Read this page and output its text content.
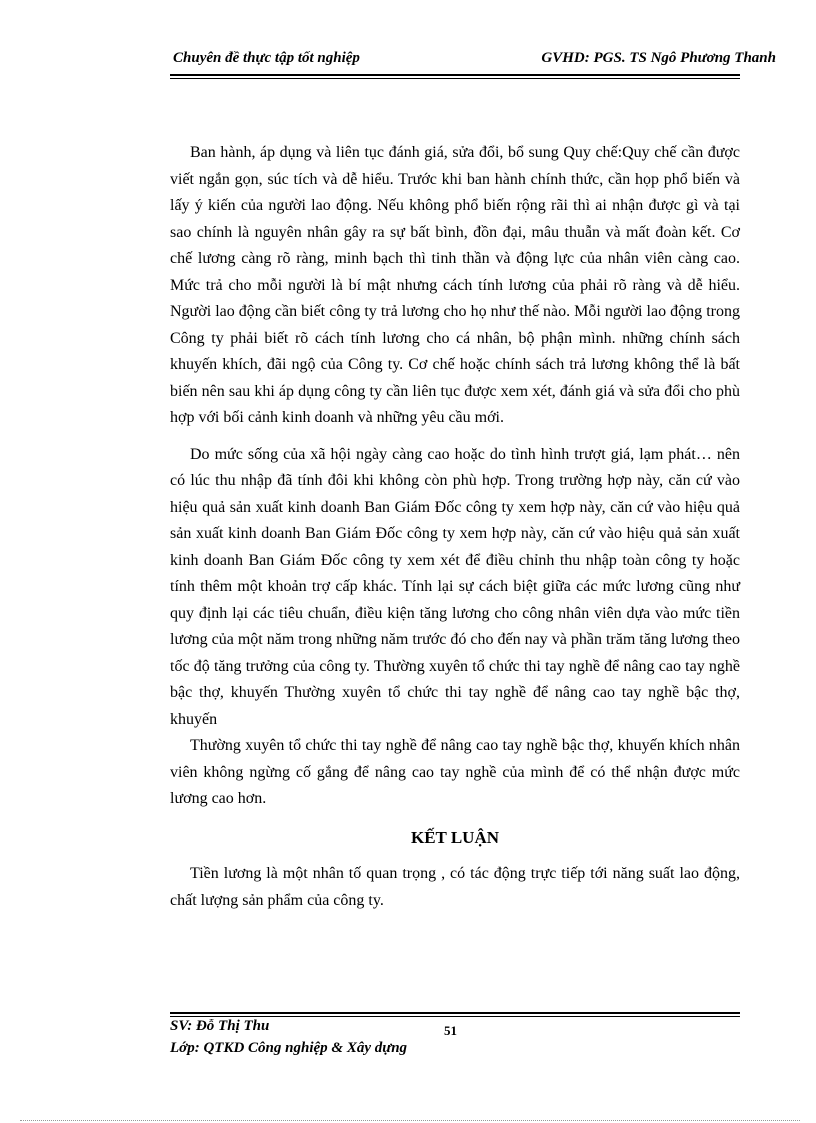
Chuyên đề thực tập tốt nghiệp	GVHD: PGS. TS Ngô Phương Thanh

Ban hành, áp dụng và liên tục đánh giá, sửa đổi, bổ sung Quy chế:Quy chế cần được viết ngắn gọn, súc tích và dễ hiểu. Trước khi ban hành chính thức, cần họp phổ biến và lấy ý kiến của người lao động. Nếu không phổ biến rộng rãi thì ai nhận được gì và tại sao chính là nguyên nhân gây ra sự bất bình, đồn đại, mâu thuẫn và mất đoàn kết. Cơ chế lương càng rõ ràng, minh bạch thì tinh thần và động lực của nhân viên càng cao. Mức trả cho mỗi người là bí mật nhưng cách tính lương của phải rõ ràng và dễ hiểu. Người lao động cần biết công ty trả lương cho họ như thế nào. Mỗi người lao động trong Công ty phải biết rõ cách tính lương cho cá nhân, bộ phận mình. những chính sách khuyến khích, đãi ngộ của Công ty. Cơ chế hoặc chính sách trả lương không thể là bất biến nên sau khi áp dụng công ty cần liên tục được xem xét, đánh giá và sửa đổi cho phù hợp với bối cảnh kinh doanh và những yêu cầu mới.

Do mức sống của xã hội ngày càng cao hoặc do tình hình trượt giá, lạm phát… nên có lúc thu nhập đã tính đôi khi không còn phù hợp. Trong trường hợp này, căn cứ vào hiệu quả sản xuất kinh doanh Ban Giám Đốc công ty xem hợp này, căn cứ vào hiệu quả sản xuất kinh doanh Ban Giám Đốc công ty xem hợp này, căn cứ vào hiệu quả sản xuất kinh doanh Ban Giám Đốc công ty xem xét để điều chỉnh thu nhập toàn công ty hoặc tính thêm một khoản trợ cấp khác. Tính lại sự cách biệt giữa các mức lương cũng như quy định lại các tiêu chuẩn, điều kiện tăng lương cho công nhân viên dựa vào mức tiền lương của một năm trong những năm trước đó cho đến nay và phần trăm tăng lương theo tốc độ tăng trưởng của công ty. Thường xuyên tổ chức thi tay nghề để nâng cao tay nghề bậc thợ, khuyến Thường xuyên tổ chức thi tay nghề để nâng cao tay nghề bậc thợ, khuyến

Thường xuyên tổ chức thi tay nghề để nâng cao tay nghề bậc thợ, khuyến khích nhân viên không ngừng cố gắng để nâng cao tay nghề của mình để có thể nhận được mức lương cao hơn.

KẾT LUẬN

Tiền lương là một nhân tố quan trọng , có tác động trực tiếp tới năng suất lao động, chất lượng sản phẩm của công ty.

SV: Đỗ Thị Thu	51
Lớp: QTKD Công nghiệp & Xây dựng
